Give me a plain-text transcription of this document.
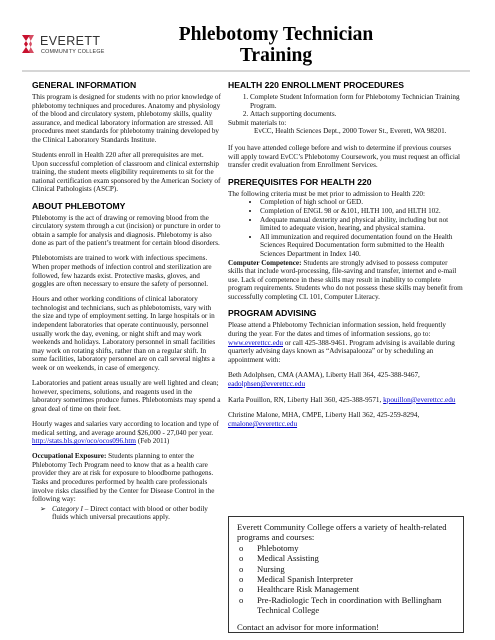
EVERETT
COMMUNITY COLLEGE
Phlebotomy Technician
Training
GENERAL INFORMATION

This program is designed for students with no prior knowledge of phlebotomy techniques and procedures. Anatomy and physiology of the blood and circulatory system, phlebotomy skills, quality assurance, and medical laboratory information are stressed. All procedures meet standards for phlebotomy training developed by the Clinical Laboratory Standards Institute.

Students enroll in Health 220 after all prerequisites are met. Upon successful completion of classroom and clinical externship training, the student meets eligibility requirements to sit for the national certification exam sponsored by the American Society of Clinical Pathologists (ASCP).

ABOUT PHLEBOTOMY

Phlebotomy is the act of drawing or removing blood from the circulatory system through a cut (incision) or puncture in order to obtain a sample for analysis and diagnosis. Phlebotomy is also done as part of the patient’s treatment for certain blood disorders.

Phlebotomists are trained to work with infectious specimens. When proper methods of infection control and sterilization are followed, few hazards exist. Protective masks, gloves, and goggles are often necessary to ensure the safety of personnel.

Hours and other working conditions of clinical laboratory technologist and technicians, such as phlebotomists, vary with the size and type of employment setting. In large hospitals or in independent laboratories that operate continuously, personnel usually work the day, evening, or night shift and may work weekends and holidays. Laboratory personnel in small facilities may work on rotating shifts, rather than on a regular shift. In some facilities, laboratory personnel are on call several nights a week or on weekends, in case of emergency.

Laboratories and patient areas usually are well lighted and clean; however, specimens, solutions, and reagents used in the laboratory sometimes produce fumes. Phlebotomists may spend a great deal of time on their feet.

Hourly wages and salaries vary according to location and type of medical setting, and average around $26,000 - 27,040 per year. http://stats.bls.gov/oco/ocos096.htm (Feb 2011)

Occupational Exposure: Students planning to enter the Phlebotomy Tech Program need to know that as a health care provider they are at risk for exposure to bloodborne pathogens. Tasks and procedures performed by health care professionals involve risks classified by the Center for Disease Control in the following way:

➢ Category I – Direct contact with blood or other bodily fluids which universal precautions apply.
HEALTH 220 ENROLLMENT PROCEDURES
1. Complete Student Information form for Phlebotomy Technician Training Program.
2. Attach supporting documents.
Submit materials to:

EvCC, Health Sciences Dept., 2000 Tower St., Everett, WA 98201.

If you have attended college before and wish to determine if previous courses will apply toward EvCC’s Phlebotomy Coursework, you must request an official transfer credit evaluation from Enrollment Services.

PREREQUISITES FOR HEALTH 220
The following criteria must be met prior to admission to Health 220:
• Completion of high school or GED.
• Completion of ENGL 98 or &101, HLTH 100, and HLTH 102.
• Adequate manual dexterity and physical ability, including but not limited to adequate vision, hearing, and physical stamina.
• All immunization and required documentation found on the Health Sciences Required Documentation form submitted to the Health Sciences Department in Index 140.

Computer Competence: Students are strongly advised to possess computer skills that include word-processing, file-saving and transfer, internet and e-mail use. Lack of competence in these skills may result in inability to complete program requirements. Students who do not possess these skills may benefit from successfully completing CL 101, Computer Literacy.

PROGRAM ADVISING

Please attend a Phlebotomy Technician information session, held frequently during the year. For the dates and times of information sessions, go to: www.everettcc.edu or call 425-388-9461. Program advising is available during quarterly advising days known as “Advisapalooza” or by scheduling an appointment with:

Beth Adolphsen, CMA (AAMA), Liberty Hall 364, 425-388-9467, eadolphsen@everettcc.edu

Karla Pouillon, RN, Liberty Hall 360, 425-388-9571, kpouillon@everettcc.edu

Christine Malone, MHA, CMPE, Liberty Hall 362, 425-259-8294, cmalone@everettcc.edu

Everett Community College offers a variety of health-related programs and courses:
o Phlebotomy
o Medical Assisting
o Nursing
o Medical Spanish Interpreter
o Healthcare Risk Management
o Pre-Radiologic Tech in coordination with Bellingham Technical College
Contact an advisor for more information!
